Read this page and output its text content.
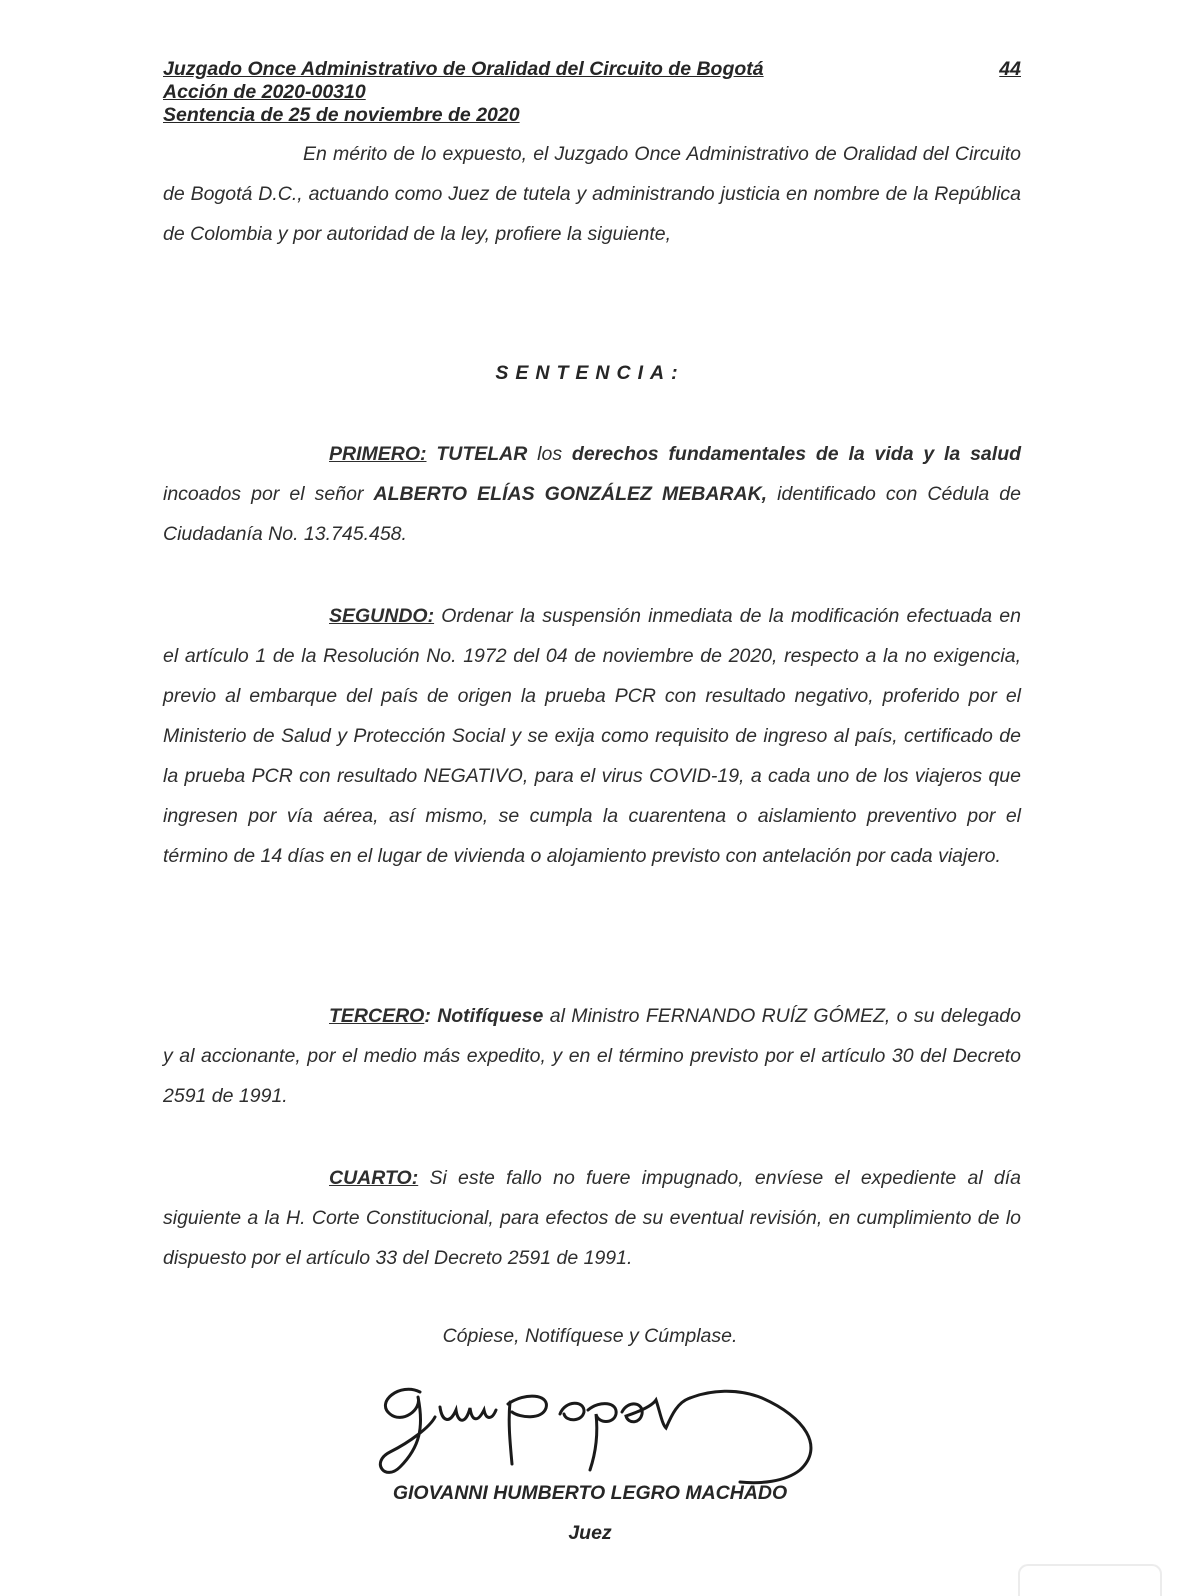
Juzgado Once Administrativo de Oralidad del Circuito de Bogotá
Acción de 2020-00310
Sentencia de 25 de noviembre de 2020
44

En mérito de lo expuesto, el Juzgado Once Administrativo de Oralidad del Circuito de Bogotá D.C., actuando como Juez de tutela y administrando justicia en nombre de la República de Colombia y por autoridad de la ley, profiere la siguiente,

SENTENCIA:

PRIMERO: TUTELAR los derechos fundamentales de la vida y la salud incoados por el señor ALBERTO ELÍAS GONZÁLEZ MEBARAK, identificado con Cédula de Ciudadanía No. 13.745.458.

SEGUNDO: Ordenar la suspensión inmediata de la modificación efectuada en el artículo 1 de la Resolución No. 1972 del 04 de noviembre de 2020, respecto a la no exigencia, previo al embarque del país de origen la prueba PCR con resultado negativo, proferido por el Ministerio de Salud y Protección Social y se exija como requisito de ingreso al país, certificado de la prueba PCR con resultado NEGATIVO, para el virus COVID-19, a cada uno de los viajeros que ingresen por vía aérea, así mismo, se cumpla la cuarentena o aislamiento preventivo por el término de 14 días en el lugar de vivienda o alojamiento previsto con antelación por cada viajero.

TERCERO: Notifíquese al Ministro FERNANDO RUÍZ GÓMEZ, o su delegado y al accionante, por el medio más expedito, y en el término previsto por el artículo 30 del Decreto 2591 de 1991.

CUARTO: Si este fallo no fuere impugnado, envíese el expediente al día siguiente a la H. Corte Constitucional, para efectos de su eventual revisión, en cumplimiento de lo dispuesto por el artículo 33 del Decreto 2591 de 1991.

Cópiese, Notifíquese y Cúmplase.
GIOVANNI HUMBERTO LEGRO MACHADO
Juez
